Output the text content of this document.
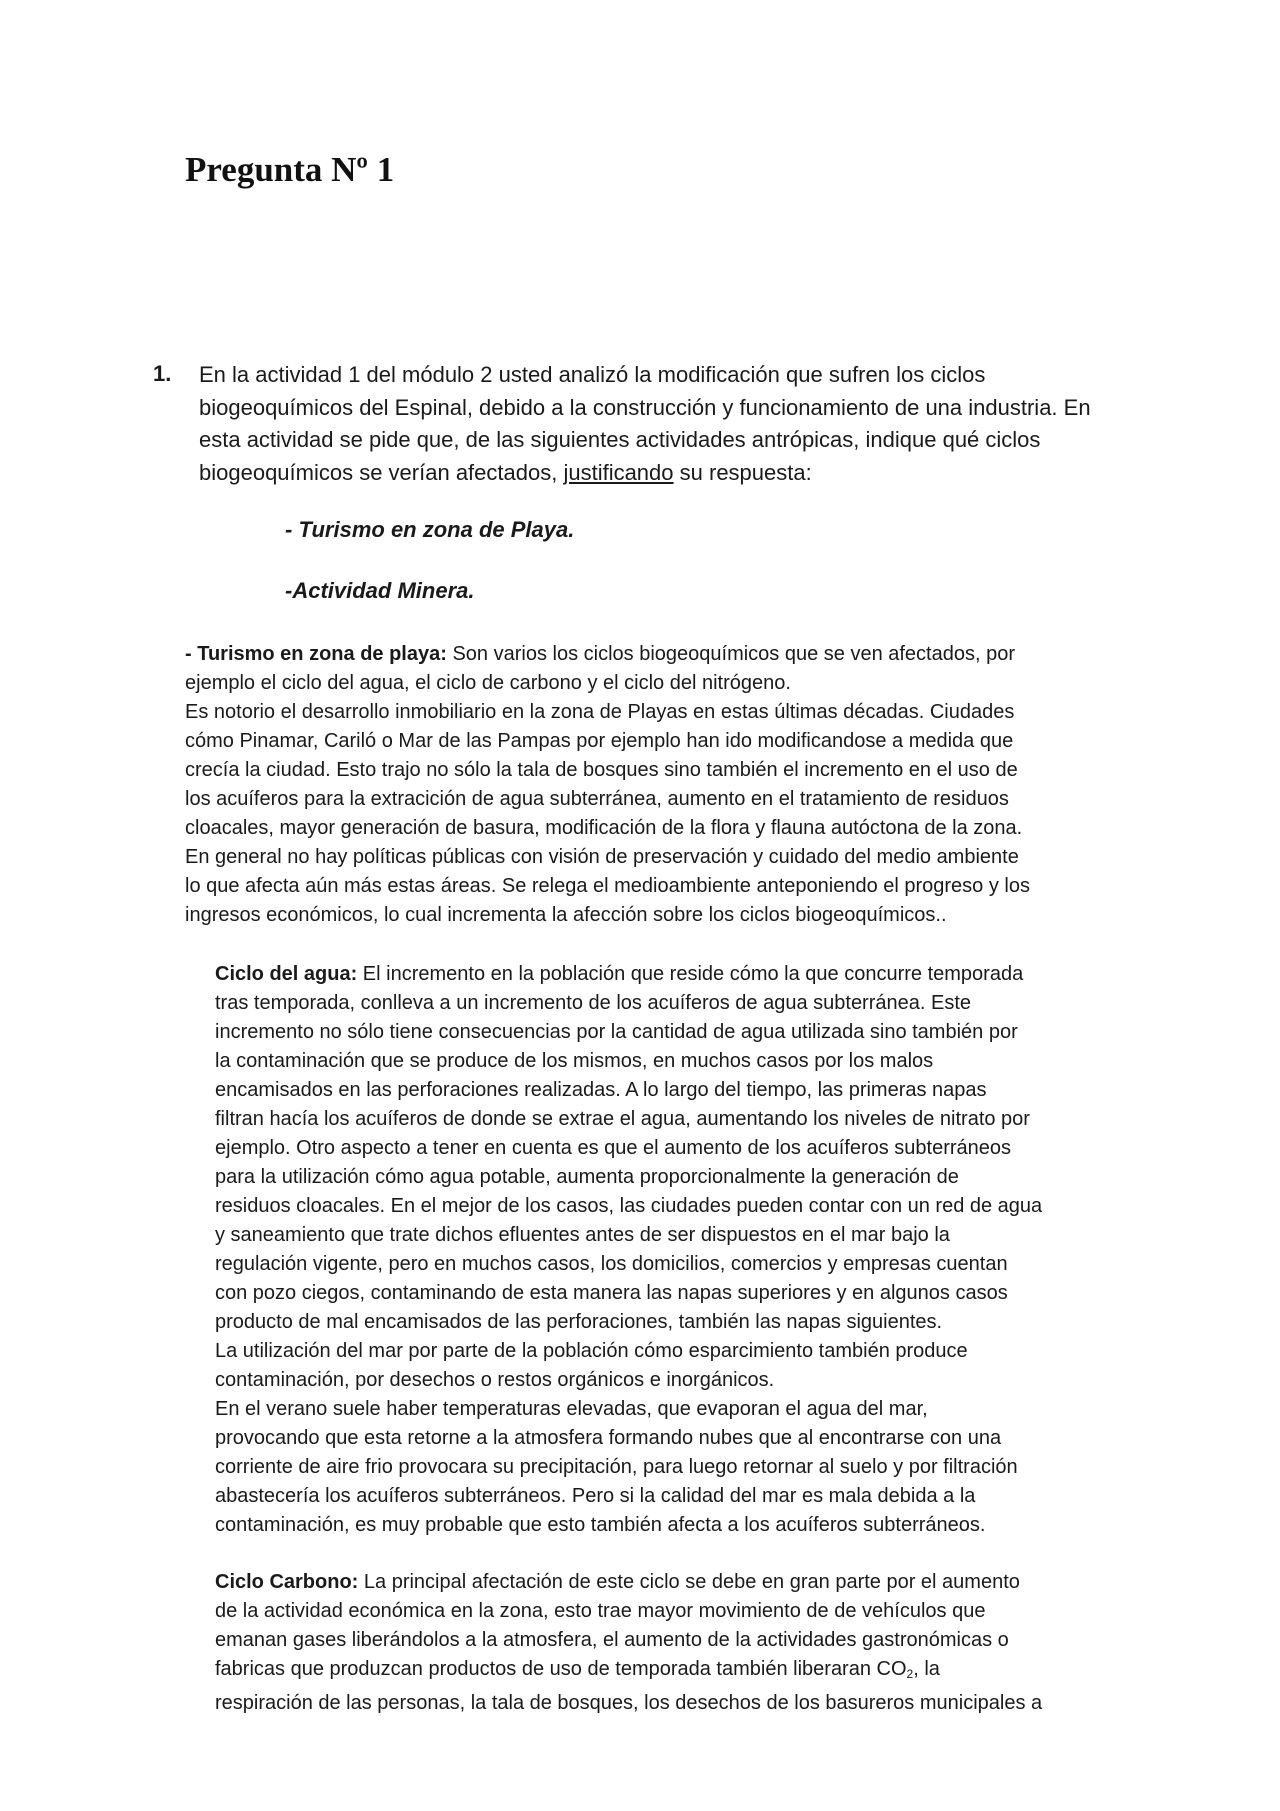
Pregunta Nº 1
1. En la actividad 1 del módulo 2 usted analizó la modificación que sufren los ciclos biogeoquímicos del Espinal, debido a la construcción y funcionamiento de una industria. En esta actividad se pide que, de las siguientes actividades antrópicas, indique qué ciclos biogeoquímicos se verían afectados, justificando su respuesta:
- Turismo en zona de Playa.
-Actividad Minera.

- Turismo en zona de playa: Son varios los ciclos biogeoquímicos que se ven afectados, por
ejemplo el ciclo del agua, el ciclo de carbono y el ciclo del nitrógeno.
Es notorio el desarrollo inmobiliario en la zona de Playas en estas últimas décadas. Ciudades
cómo Pinamar, Cariló o Mar de las Pampas por ejemplo han ido modificandose a medida que
crecía la ciudad. Esto trajo no sólo la tala de bosques sino también el incremento en el uso de
los acuíferos para la extracición de agua subterránea, aumento en el tratamiento de residuos
cloacales, mayor generación de basura, modificación de la flora y flauna autóctona de la zona.
En general no hay políticas públicas con visión de preservación y cuidado del medio ambiente
lo que afecta aún más estas áreas. Se relega el medioambiente anteponiendo el progreso y los
ingresos económicos, lo cual incrementa la afección sobre los ciclos biogeoquímicos..

Ciclo del agua: El incremento en la población que reside cómo la que concurre temporada
tras temporada, conlleva a un incremento de los acuíferos de agua subterránea. Este
incremento no sólo tiene consecuencias por la cantidad de agua utilizada sino también por
la contaminación que se produce de los mismos, en muchos casos por los malos
encamisados en las perforaciones realizadas. A lo largo del tiempo, las primeras napas
filtran hacía los acuíferos de donde se extrae el agua, aumentando los niveles de nitrato por
ejemplo. Otro aspecto a tener en cuenta es que el aumento de los acuíferos subterráneos
para la utilización cómo agua potable, aumenta proporcionalmente la generación de
residuos cloacales. En el mejor de los casos, las ciudades pueden contar con un red de agua
y saneamiento que trate dichos efluentes antes de ser dispuestos en el mar bajo la
regulación vigente, pero en muchos casos, los domicilios, comercios y empresas cuentan
con pozo ciegos, contaminando de esta manera las napas superiores y en algunos casos
producto de mal encamisados de las perforaciones, también las napas siguientes.
La utilización del mar por parte de la población cómo esparcimiento también produce
contaminación, por desechos o restos orgánicos e inorgánicos.
En el verano suele haber temperaturas elevadas, que evaporan el agua del mar,
provocando que esta retorne a la atmosfera formando nubes que al encontrarse con una
corriente de aire frio provocara su precipitación, para luego retornar al suelo y por filtración
abastecería los acuíferos subterráneos. Pero si la calidad del mar es mala debida a la
contaminación, es muy probable que esto también afecta a los acuíferos subterráneos.

Ciclo Carbono: La principal afectación de este ciclo se debe en gran parte por el aumento
de la actividad económica en la zona, esto trae mayor movimiento de de vehículos que
emanan gases liberándolos a la atmosfera, el aumento de la actividades gastronómicas o
fabricas que produzcan productos de uso de temporada también liberaran $CO_2$, la
respiración de las personas, la tala de bosques, los desechos de los basureros municipales a
